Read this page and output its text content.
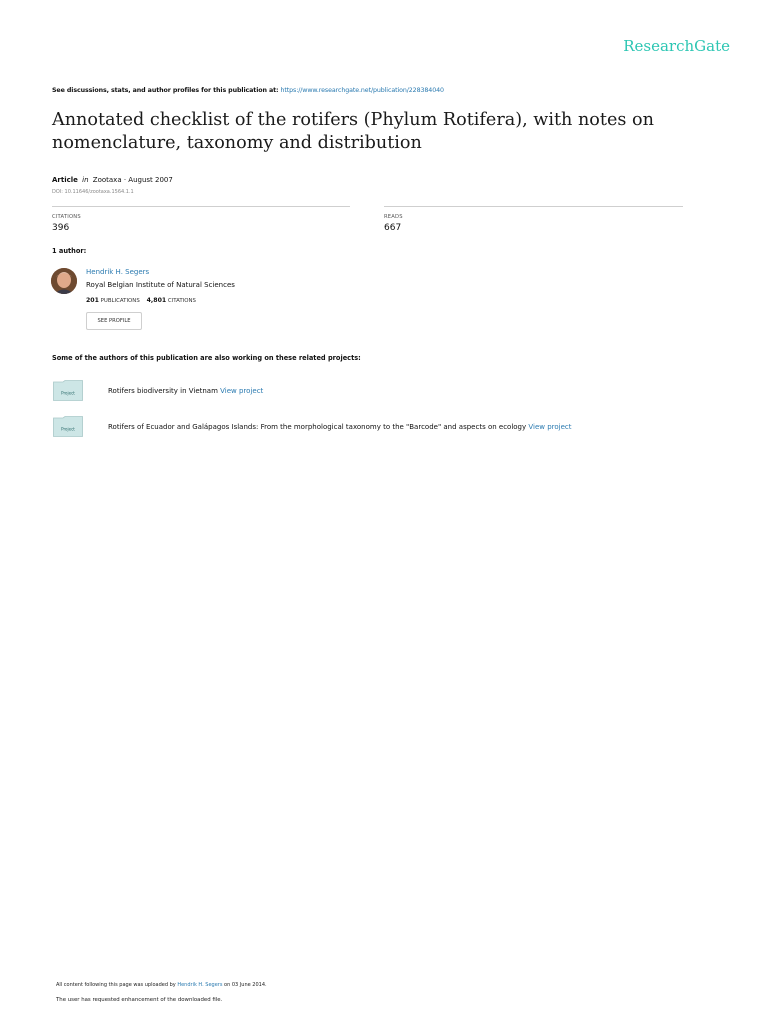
ResearchGate
See discussions, stats, and author profiles for this publication at: https://www.researchgate.net/publication/228384040
Annotated checklist of the rotifers (Phylum Rotifera), with notes on nomenclature, taxonomy and distribution
Article in Zootaxa · August 2007
DOI: 10.11646/zootaxa.1564.1.1
CITATIONS
396
READS
667
1 author:
Hendrik H. Segers
Royal Belgian Institute of Natural Sciences
201 PUBLICATIONS 4,801 CITATIONS
SEE PROFILE
Some of the authors of this publication are also working on these related projects:
Project	Rotifers biodiversity in Vietnam View project
Project	Rotifers of Ecuador and Galápagos Islands: From the morphological taxonomy to the "Barcode" and aspects on ecology View project
All content following this page was uploaded by Hendrik H. Segers on 03 June 2014.
The user has requested enhancement of the downloaded file.
